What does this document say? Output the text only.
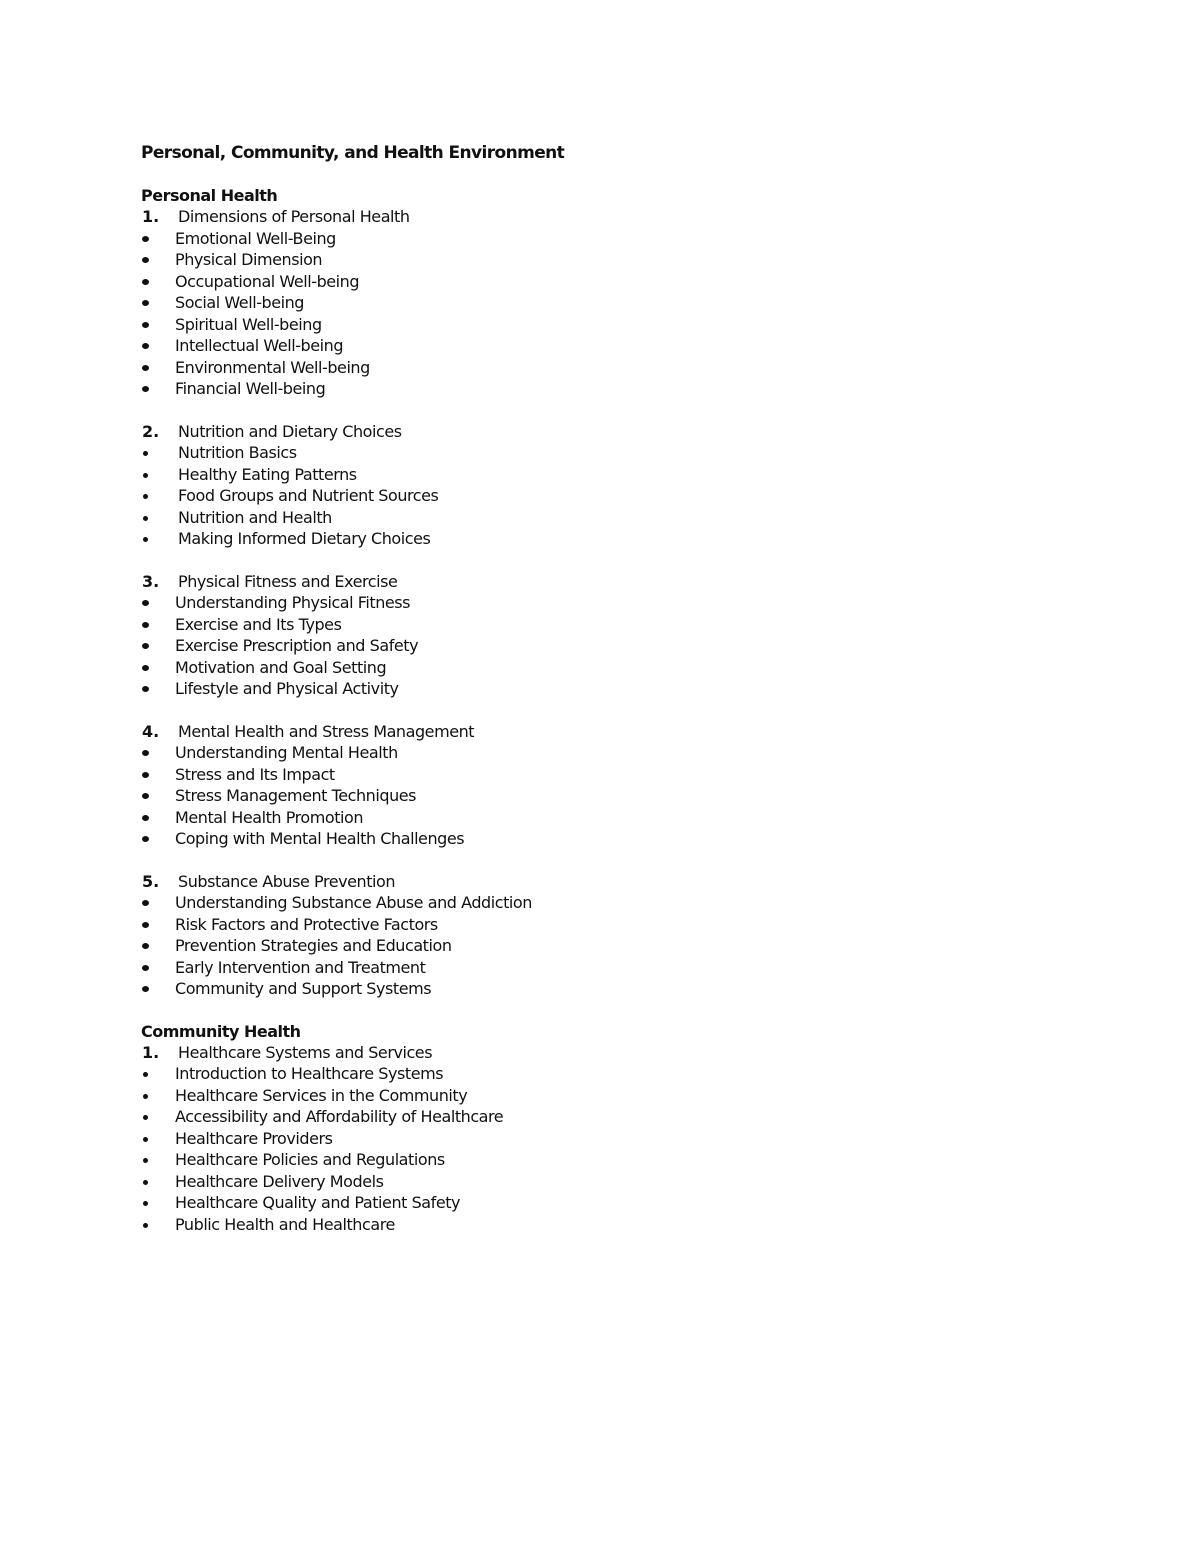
Personal, Community, and Health Environment
Personal Health
1. Dimensions of Personal Health
Emotional Well-Being
Physical Dimension
Occupational Well-being
Social Well-being
Spiritual Well-being
Intellectual Well-being
Environmental Well-being
Financial Well-being
2. Nutrition and Dietary Choices
Nutrition Basics
Healthy Eating Patterns
Food Groups and Nutrient Sources
Nutrition and Health
Making Informed Dietary Choices
3. Physical Fitness and Exercise
Understanding Physical Fitness
Exercise and Its Types
Exercise Prescription and Safety
Motivation and Goal Setting
Lifestyle and Physical Activity
4. Mental Health and Stress Management
Understanding Mental Health
Stress and Its Impact
Stress Management Techniques
Mental Health Promotion
Coping with Mental Health Challenges
5. Substance Abuse Prevention
Understanding Substance Abuse and Addiction
Risk Factors and Protective Factors
Prevention Strategies and Education
Early Intervention and Treatment
Community and Support Systems
Community Health
1. Healthcare Systems and Services
Introduction to Healthcare Systems
Healthcare Services in the Community
Accessibility and Affordability of Healthcare
Healthcare Providers
Healthcare Policies and Regulations
Healthcare Delivery Models
Healthcare Quality and Patient Safety
Public Health and Healthcare
